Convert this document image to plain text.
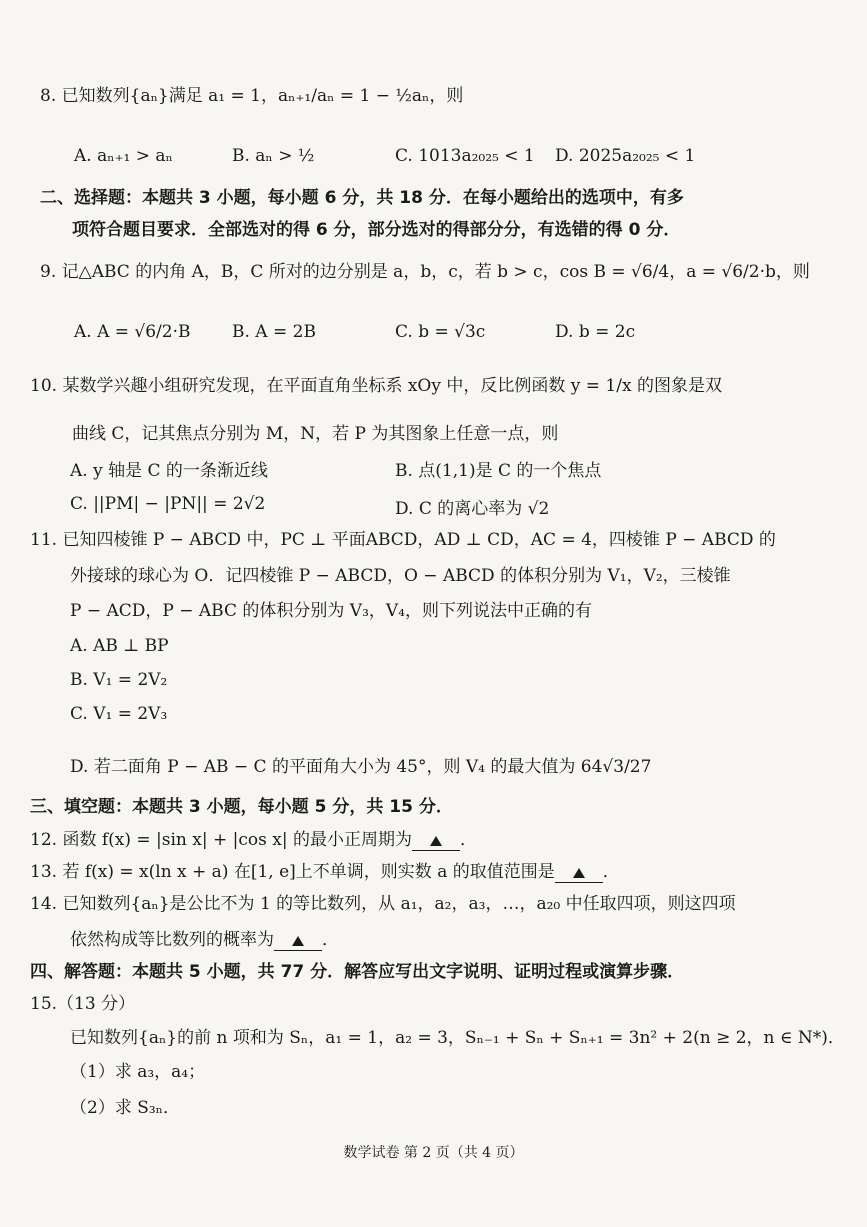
8. 已知数列{aₙ}满足 a₁ = 1，aₙ₊₁/aₙ = 1 − ½aₙ，则
A. aₙ₊₁ > aₙ	B. aₙ > ½	C. 1013a₂₀₂₅ < 1 D. 2025a₂₀₂₅ < 1
二、选择题：本题共 3 小题，每小题 6 分，共 18 分．在每小题给出的选项中，有多
项符合题目要求．全部选对的得 6 分，部分选对的得部分分，有选错的得 0 分．
9. 记△ABC 的内角 A，B，C 所对的边分别是 a，b，c，若 b > c，cos B = √6/4，a = √6/2·b，则
A. A = √6/2·B B. A = 2B	C. b = √3c	D. b = 2c
10. 某数学兴趣小组研究发现，在平面直角坐标系 xOy 中，反比例函数 y = 1/x 的图象是双
曲线 C，记其焦点分别为 M，N，若 P 为其图象上任意一点，则
A. y 轴是 C 的一条渐近线	B. 点(1,1)是 C 的一个焦点
C. ||PM| − |PN|| = 2√2	D. C 的离心率为 √2
11. 已知四棱锥 P − ABCD 中，PC ⊥ 平面ABCD，AD ⊥ CD，AC = 4，四棱锥 P − ABCD 的
外接球的球心为 O．记四棱锥 P − ABCD，O − ABCD 的体积分别为 V₁，V₂，三棱锥
P − ACD，P − ABC 的体积分别为 V₃，V₄，则下列说法中正确的有
A. AB ⊥ BP
B. V₁ = 2V₂
C. V₁ = 2V₃
D. 若二面角 P − AB − C 的平面角大小为 45°，则 V₄ 的最大值为 64√3/27
三、填空题：本题共 3 小题，每小题 5 分，共 15 分．
12. 函数 f(x) = |sin x| + |cos x| 的最小正周期为	．
13. 若 f(x) = x(ln x + a) 在[1, e]上不单调，则实数 a 的取值范围是	．
14. 已知数列{aₙ}是公比不为 1 的等比数列，从 a₁，a₂，a₃，…，a₂₀ 中任取四项，则这四项
依然构成等比数列的概率为	．
四、解答题：本题共 5 小题，共 77 分．解答应写出文字说明、证明过程或演算步骤．
15.（13 分）
已知数列{aₙ}的前 n 项和为 Sₙ，a₁ = 1，a₂ = 3，Sₙ₋₁ + Sₙ + Sₙ₊₁ = 3n² + 2(n ≥ 2，n ∈ N*)．
（1）求 a₃，a₄；
（2）求 S₃ₙ．
数学试卷 第 2 页（共 4 页）
